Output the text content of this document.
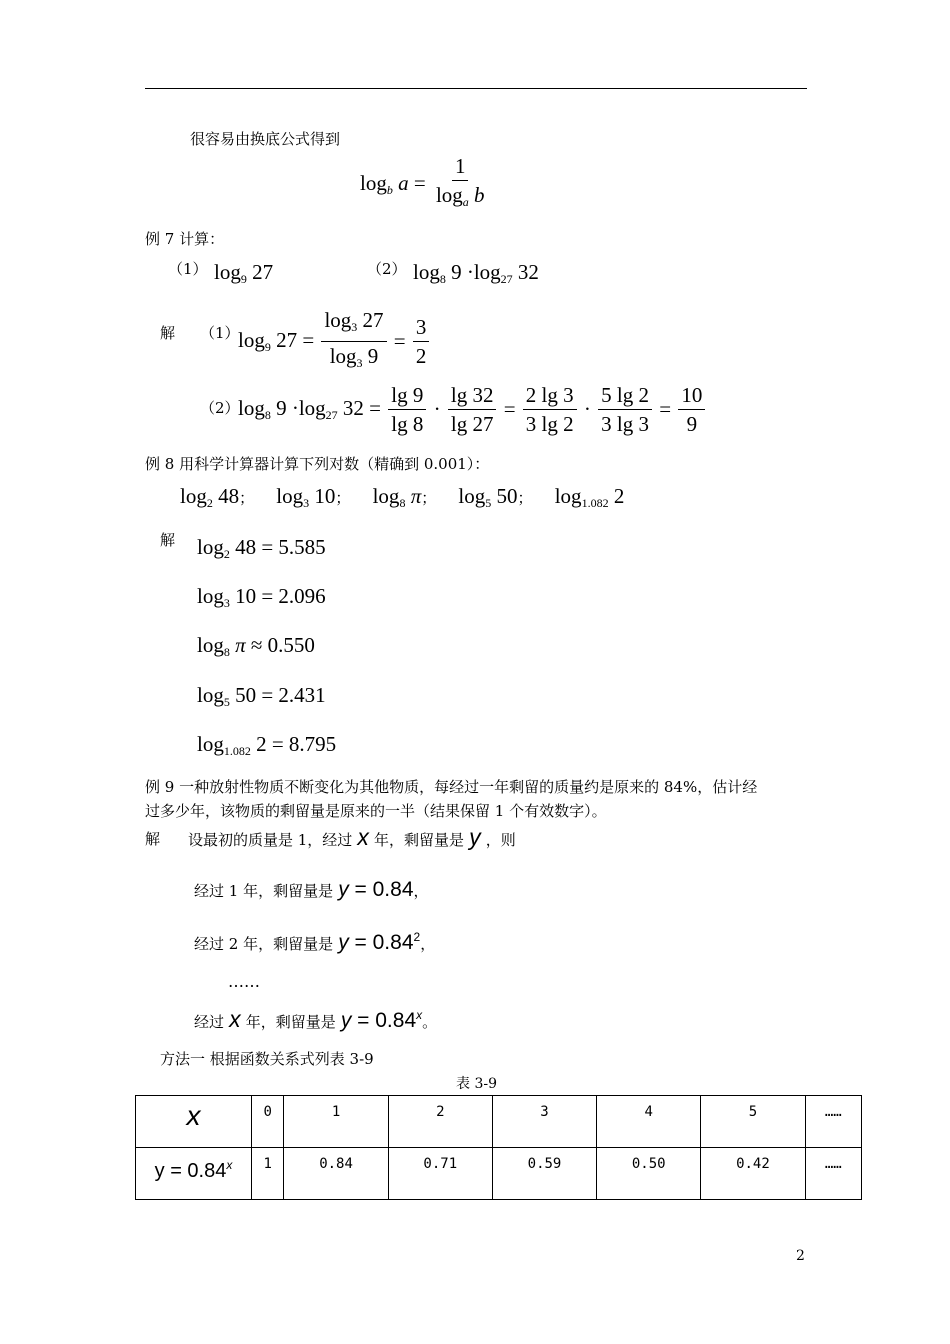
很容易由换底公式得到
$\log_b a = \frac{1}{\log_a b}$
例 7 计算：
（1） $\log_9 27$	（2） $\log_8 9 \cdot\log_{27}$ 32
解 （1）
$\log_9 27 = \frac{\log_3 27}{\log_3 9} = \frac{3}{2}$
（2）
$\log_8 9 \cdot\log_{27}$ $32 = \frac{\lg 9}{\lg 8} \cdot \frac{\lg 32}{\lg 27} = \frac{2 \lg 3}{3 \lg 2} \cdot \frac{5 \lg 2}{3 \lg 3} = \frac{10}{9}$
例 8 用科学计算器计算下列对数（精确到 0.001）：
$\log_2 48$； $\log_3 10$； $\log_8 \pi$； $\log_5 50$； $\log_{1.082} 2$
解 $\log_2 48 = 5.585$
$\log_3 10 = 2.096$
$\log_8 \pi \approx 0.550$
$\log_5 50 = 2.431$
$\log_{1.082} 2 = 8.795$
例 9 一种放射性物质不断变化为其他物质，每经过一年剩留的质量约是原来的 84%，估计经
过多少年，该物质的剩留量是原来的一半（结果保留 1 个有效数字）。
解 设最初的质量是 1，经过 x 年，剩留量是 y ，则
经过 1 年，剩留量是 y = 0.84，
经过 2 年，剩留量是 $y = 0.84^2$，
……
经过 x 年，剩留量是 $y = 0.84^x$。
方法一 根据函数关系式列表 3-9
表 3-9
x	0	1	2	3	4	5	……
$y = 0.84^x$	1	0.84	0.71	0.59	0.50	0.42	……
2
